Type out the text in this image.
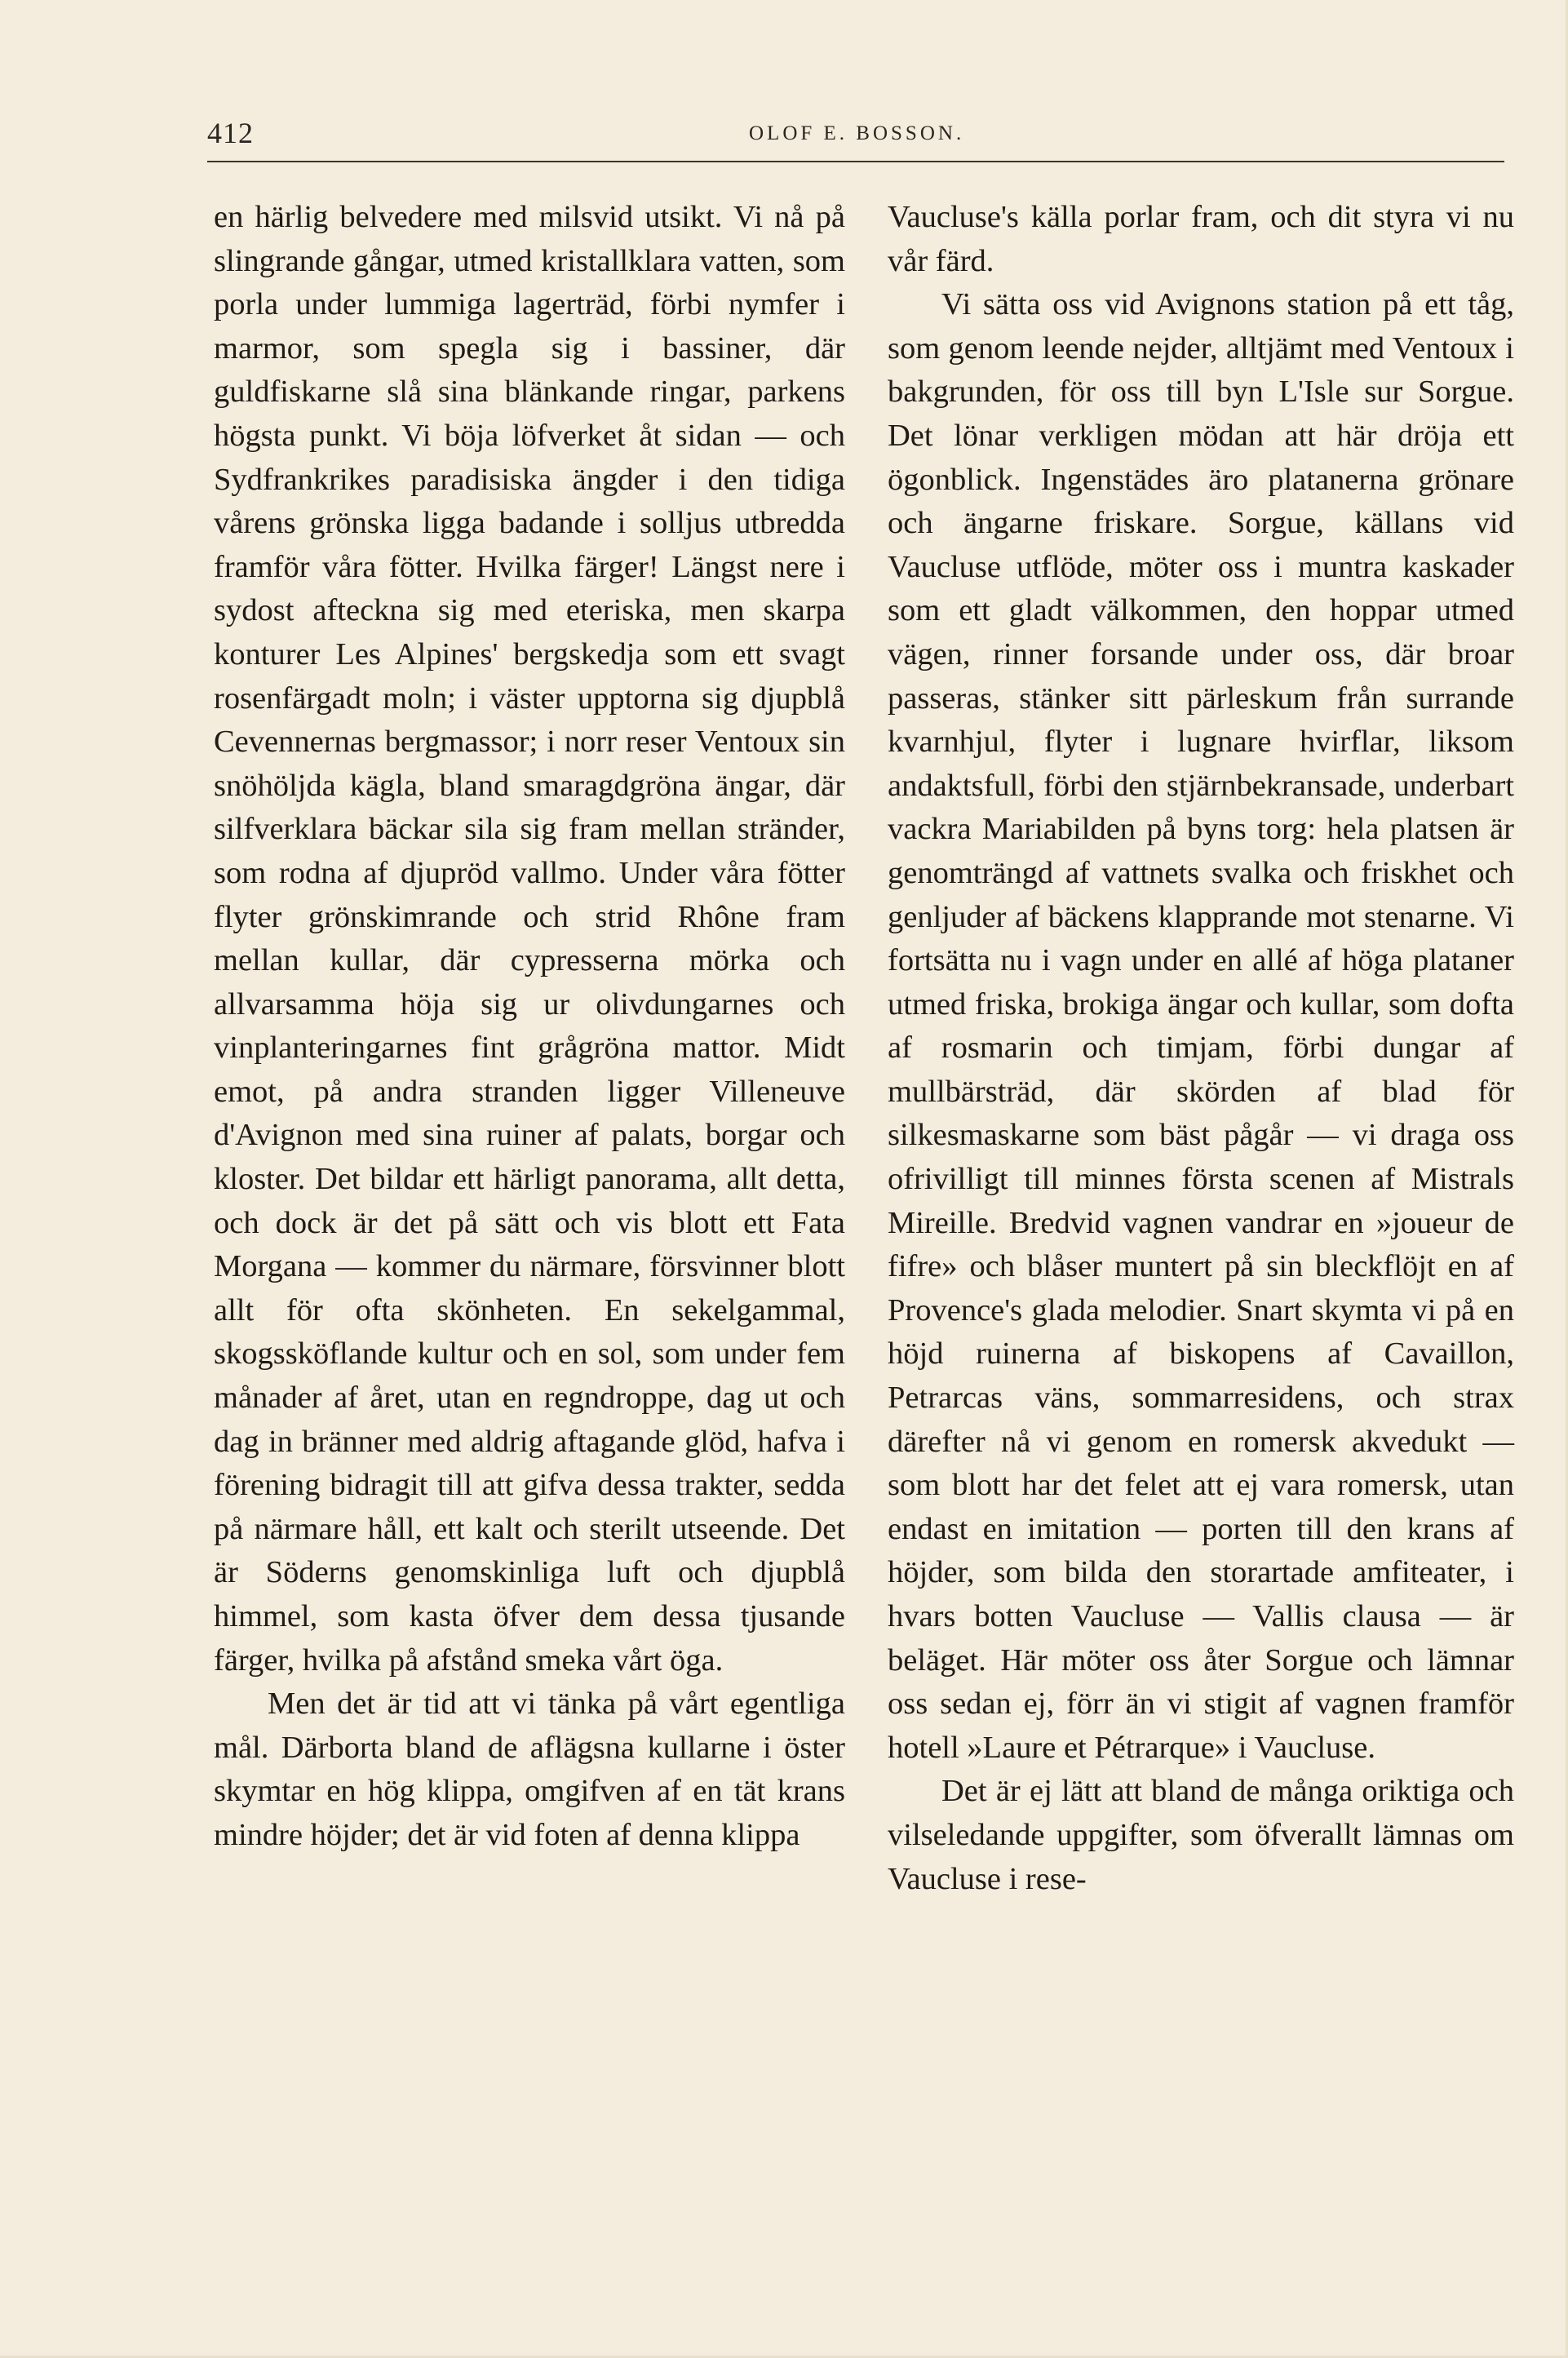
412	OLOF E. BOSSON.

en härlig belvedere med milsvid utsikt. Vi nå på slingrande gångar, utmed kristallklara vatten, som porla under lummiga lagerträd, förbi nymfer i marmor, som spegla sig i bassiner, där guldfiskarne slå sina blänkande ringar, parkens högsta punkt. Vi böja löfverket åt sidan — och Sydfrankrikes paradisiska ängder i den tidiga vårens grönska ligga badande i solljus utbredda framför våra fötter. Hvilka färger! Längst nere i sydost afteckna sig med eteriska, men skarpa konturer Les Alpines' bergskedja som ett svagt rosenfärgadt moln; i väster upptorna sig djupblå Cevennernas bergmassor; i norr reser Ventoux sin snöhöljda kägla, bland smaragdgröna ängar, där silfverklara bäckar sila sig fram mellan stränder, som rodna af djupröd vallmo. Under våra fötter flyter grönskimrande och strid Rhône fram mellan kullar, där cypresserna mörka och allvarsamma höja sig ur olivdungarnes och vinplanteringarnes fint grågröna mattor. Midt emot, på andra stranden ligger Villeneuve d'Avignon med sina ruiner af palats, borgar och kloster. Det bildar ett härligt panorama, allt detta, och dock är det på sätt och vis blott ett Fata Morgana — kommer du närmare, försvinner blott allt för ofta skönheten. En sekelgammal, skogssköflande kultur och en sol, som under fem månader af året, utan en regndroppe, dag ut och dag in bränner med aldrig aftagande glöd, hafva i förening bidragit till att gifva dessa trakter, sedda på närmare håll, ett kalt och sterilt utseende. Det är Söderns genomskinliga luft och djupblå himmel, som kasta öfver dem dessa tjusande färger, hvilka på afstånd smeka vårt öga.

Men det är tid att vi tänka på vårt egentliga mål. Därborta bland de aflägsna kullarne i öster skymtar en hög klippa, omgifven af en tät krans mindre höjder; det är vid foten af denna klippa

Vaucluse's källa porlar fram, och dit styra vi nu vår färd.

Vi sätta oss vid Avignons station på ett tåg, som genom leende nejder, alltjämt med Ventoux i bakgrunden, för oss till byn L'Isle sur Sorgue. Det lönar verkligen mödan att här dröja ett ögonblick. Ingenstädes äro platanerna grönare och ängarne friskare. Sorgue, källans vid Vaucluse utflöde, möter oss i muntra kaskader som ett gladt välkommen, den hoppar utmed vägen, rinner forsande under oss, där broar passeras, stänker sitt pärleskum från surrande kvarnhjul, flyter i lugnare hvirflar, liksom andaktsfull, förbi den stjärnbekransade, underbart vackra Mariabilden på byns torg: hela platsen är genomträngd af vattnets svalka och friskhet och genljuder af bäckens klapprande mot stenarne. Vi fortsätta nu i vagn under en allé af höga plataner utmed friska, brokiga ängar och kullar, som dofta af rosmarin och timjam, förbi dungar af mullbärsträd, där skörden af blad för silkesmaskarne som bäst pågår — vi draga oss ofrivilligt till minnes första scenen af Mistrals Mireille. Bredvid vagnen vandrar en »joueur de fifre» och blåser muntert på sin bleckflöjt en af Provence's glada melodier. Snart skymta vi på en höjd ruinerna af biskopens af Cavaillon, Petrarcas väns, sommarresidens, och strax därefter nå vi genom en romersk akvedukt — som blott har det felet att ej vara romersk, utan endast en imitation — porten till den krans af höjder, som bilda den storartade amfiteater, i hvars botten Vaucluse — Vallis clausa — är beläget. Här möter oss åter Sorgue och lämnar oss sedan ej, förr än vi stigit af vagnen framför hotell »Laure et Pétrarque» i Vaucluse.

Det är ej lätt att bland de många oriktiga och vilseledande uppgifter, som öfverallt lämnas om Vaucluse i rese-
